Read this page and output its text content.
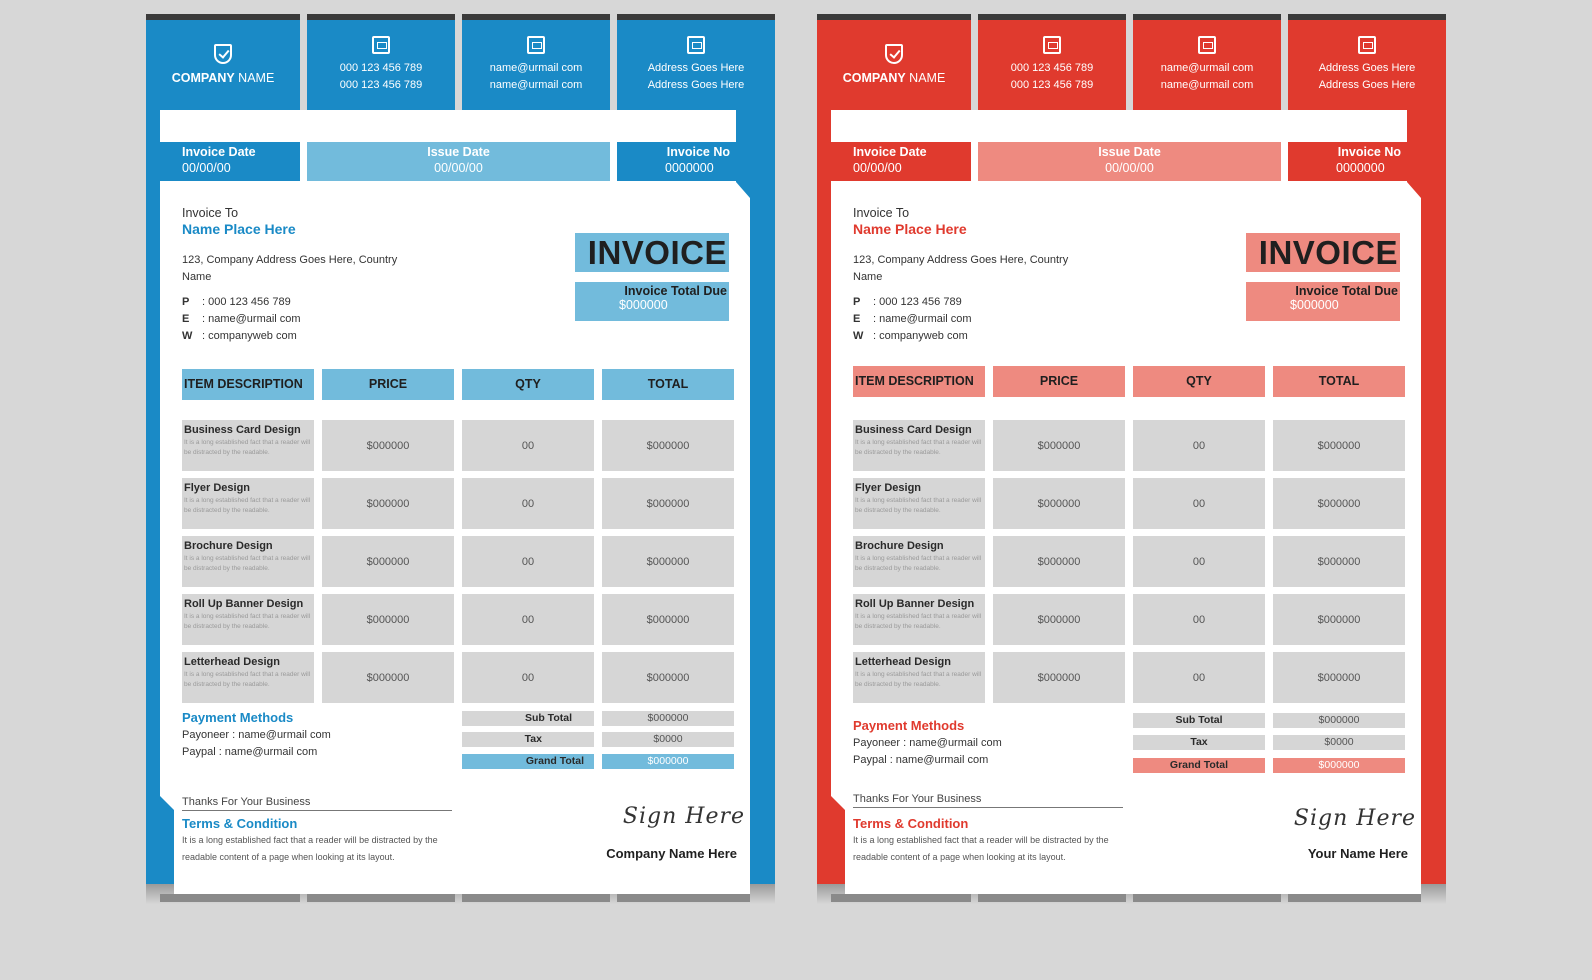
COMPANY NAME
000 123 456 789
000 123 456 789
name@urmail com
name@urmail com
Address Goes Here
Address Goes Here
Invoice Date
00/00/00
Issue Date
00/00/00
Invoice No
0000000
Invoice To
Name Place Here
123, Company Address Goes Here, Country Name
P : 000 123 456 789
E : name@urmail com
W : companyweb com
INVOICE
Invoice Total Due
$000000
ITEM DESCRIPTION	PRICE	QTY	TOTAL
Business Card Design
It is a long established fact that a reader will be distracted by the readable.
$000000	00	$000000
Flyer Design
It is a long established fact that a reader will be distracted by the readable.
$000000	00	$000000
Brochure Design
It is a long established fact that a reader will be distracted by the readable.
$000000	00	$000000
Roll Up Banner Design
It is a long established fact that a reader will be distracted by the readable.
$000000	00	$000000
Letterhead Design
It is a long established fact that a reader will be distracted by the readable.
$000000	00	$000000
Sub Total	$000000
Tax	$0000
Grand Total	$000000
Payment Methods
Payoneer : name@urmail com
Paypal : name@urmail com
Thanks For Your Business
Terms & Condition
It is a long established fact that a reader will be distracted by the readable content of a page when looking at its layout.
Sign Here
Company Name Here
COMPANY NAME
000 123 456 789
000 123 456 789
name@urmail com
name@urmail com
Address Goes Here
Address Goes Here
Invoice Date
00/00/00
Issue Date
00/00/00
Invoice No
0000000
Invoice To
Name Place Here
123, Company Address Goes Here, Country Name
P : 000 123 456 789
E : name@urmail com
W : companyweb com
INVOICE
Invoice Total Due
$000000
ITEM DESCRIPTION	PRICE	QTY	TOTAL
Business Card Design
It is a long established fact that a reader will be distracted by the readable.
$000000	00	$000000
Flyer Design
It is a long established fact that a reader will be distracted by the readable.
$000000	00	$000000
Brochure Design
It is a long established fact that a reader will be distracted by the readable.
$000000	00	$000000
Roll Up Banner Design
It is a long established fact that a reader will be distracted by the readable.
$000000	00	$000000
Letterhead Design
It is a long established fact that a reader will be distracted by the readable.
$000000	00	$000000
Sub Total	$000000
Tax	$0000
Grand Total	$000000
Payment Methods
Payoneer : name@urmail com
Paypal : name@urmail com
Thanks For Your Business
Terms & Condition
It is a long established fact that a reader will be distracted by the readable content of a page when looking at its layout.
Sign Here
Your Name Here
